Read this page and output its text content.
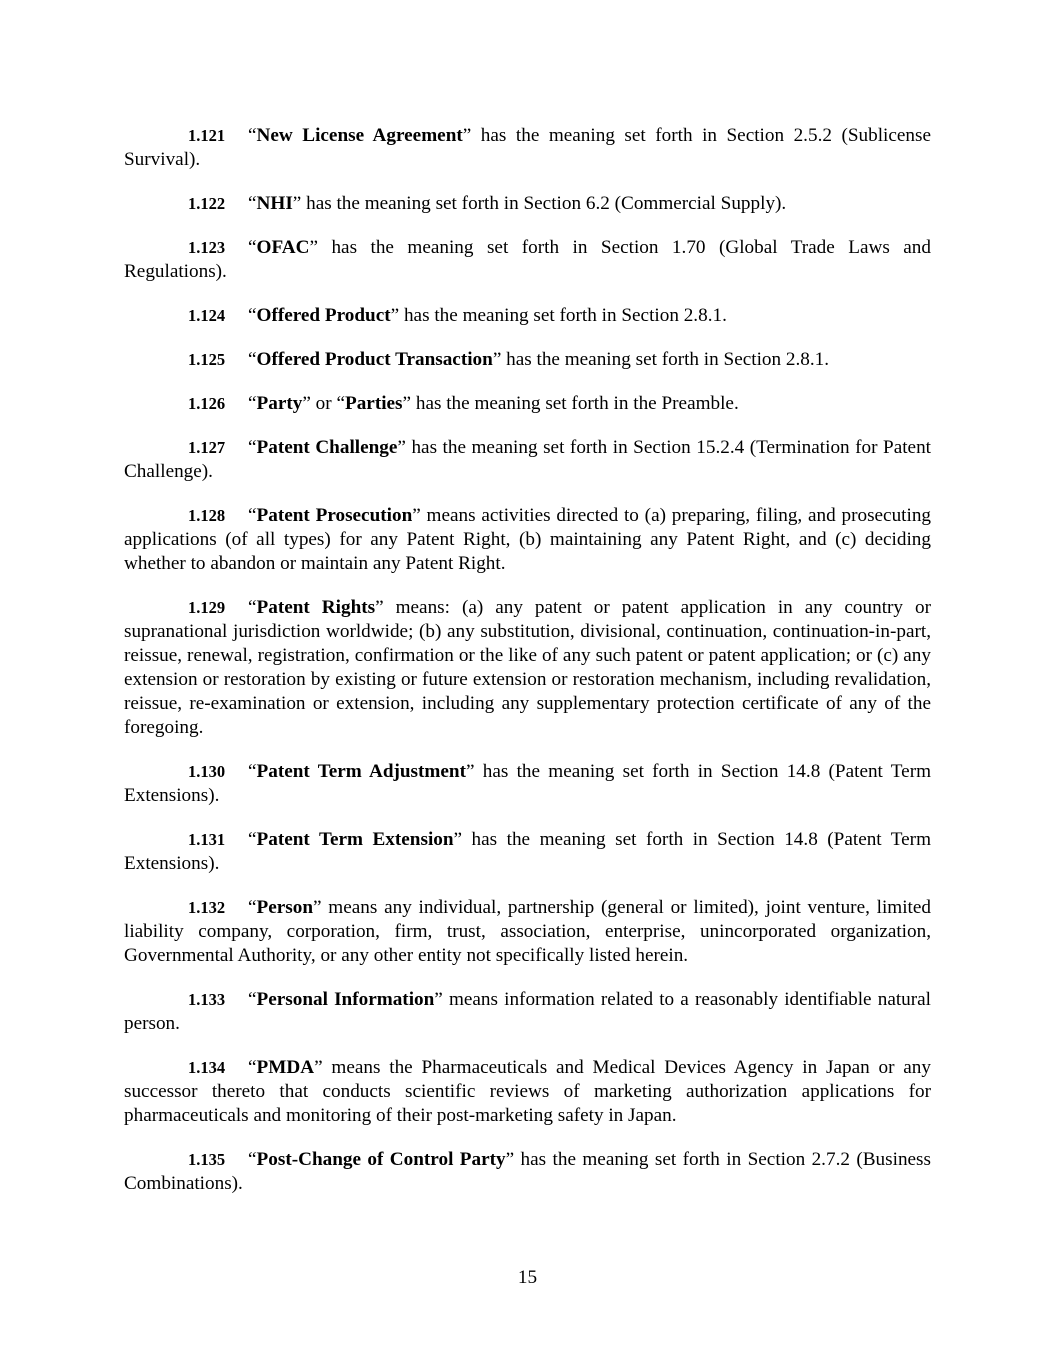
1.121 “New License Agreement” has the meaning set forth in Section 2.5.2 (Sublicense Survival).

1.122 “NHI” has the meaning set forth in Section 6.2 (Commercial Supply).

1.123 “OFAC” has the meaning set forth in Section 1.70 (Global Trade Laws and Regulations).

1.124 “Offered Product” has the meaning set forth in Section 2.8.1.

1.125 “Offered Product Transaction” has the meaning set forth in Section 2.8.1.

1.126 “Party” or “Parties” has the meaning set forth in the Preamble.

1.127 “Patent Challenge” has the meaning set forth in Section 15.2.4 (Termination for Patent Challenge).

1.128 “Patent Prosecution” means activities directed to (a) preparing, filing, and prosecuting applications (of all types) for any Patent Right, (b) maintaining any Patent Right, and (c) deciding whether to abandon or maintain any Patent Right.

1.129 “Patent Rights” means: (a) any patent or patent application in any country or supranational jurisdiction worldwide; (b) any substitution, divisional, continuation, continuation-in-part, reissue, renewal, registration, confirmation or the like of any such patent or patent application; or (c) any extension or restoration by existing or future extension or restoration mechanism, including revalidation, reissue, re-examination or extension, including any supplementary protection certificate of any of the foregoing.

1.130 “Patent Term Adjustment” has the meaning set forth in Section 14.8 (Patent Term Extensions).

1.131 “Patent Term Extension” has the meaning set forth in Section 14.8 (Patent Term Extensions).

1.132 “Person” means any individual, partnership (general or limited), joint venture, limited liability company, corporation, firm, trust, association, enterprise, unincorporated organization, Governmental Authority, or any other entity not specifically listed herein.

1.133 “Personal Information” means information related to a reasonably identifiable natural person.

1.134 “PMDA” means the Pharmaceuticals and Medical Devices Agency in Japan or any successor thereto that conducts scientific reviews of marketing authorization applications for pharmaceuticals and monitoring of their post-marketing safety in Japan.

1.135 “Post-Change of Control Party” has the meaning set forth in Section 2.7.2 (Business Combinations).

15
